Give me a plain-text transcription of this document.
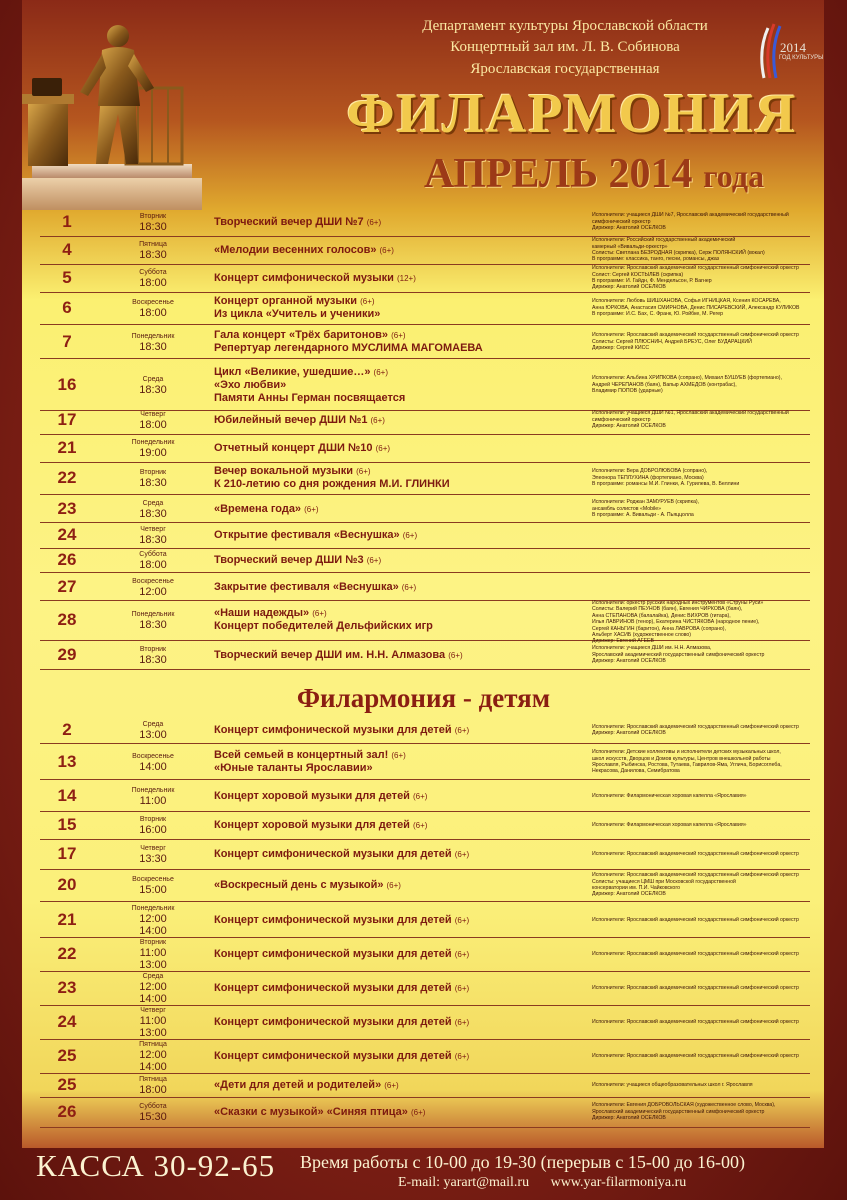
Департамент культуры Ярославской области
Концертный зал им. Л. В. Собинова
Ярославская государственная
2014
ГОД КУЛЬТУРЫ
ФИЛАРМОНИЯ
АПРЕЛЬ 2014 года
1	Вторник
18:30	Творческий вечер ДШИ №7 (6+)
Исполнители: учащиеся ДШИ №7, Ярославский академический государственный
симфонический оркестр
Дирижер: Анатолий ОСЕЛКОВ
4	Пятница
18:30	«Мелодии весенних голосов» (6+)
Исполнители: Российский государственный академический
камерный «Вивальди-оркестр»
Солисты: Светлана БЕЗРОДНАЯ (скрипка), Серж ПОЛЯНСКИЙ (вокал)
В программе: классика, танго, песни, романсы, джаз
5	Суббота
18:00	Концерт симфонической музыки (12+)
Исполнители: Ярославский академический государственный симфонический оркестр
Солист: Сергей КОСТЫЛЕВ (скрипка)
В программе: И. Гайдн, Ф. Мендельсон, Р. Вагнер
Дирижер: Анатолий ОСЕЛКОВ
6	Воскресенье
18:00
Концерт органной музыки (6+)
Из цикла «Учитель и ученики»
Исполнители: Любовь ШИШХАНОВА, Софья ИГНИЦКАЯ, Ксения КОСАРЕВА,
Анна ЮРКОВА, Анастасия СМИРНОВА, Денис ПИСАРЕВСКИЙ, Александр КУЛИКОВ
В программе: И.С. Бах, С. Франк, Ю. Ройбке, М. Регер
7	Понедельник
18:30
Гала концерт «Трёх баритонов» (6+)
Репертуар легендарного МУСЛИМА МАГОМАЕВА
Исполнители: Ярославский академический государственный симфонический оркестр
Солисты: Сергей ПЛЮСНИН, Андрей БРЕУС, Олег БУДАРАЦКИЙ
Дирижер: Сергей КИСС
16	Среда
18:30
Цикл «Великие, ушедшие…» (6+)
«Эхо любви»
Памяти Анны Герман посвящается
Исполнители: Альбина ХРИПКОВА (сопрано), Михаил БУШУЕВ (фортепиано),
Андрей ЧЕРЕПАНОВ (баян), Вапыр АХМЕДОВ (контрабас),
Владимир ПОПОВ (ударные)
17	Четверг
18:00	Юбилейный вечер ДШИ №1 (6+)
Исполнители: учащиеся ДШИ №1, Ярославский академический государственный
симфонический оркестр
Дирижер: Анатолий ОСЕЛКОВ
21	Понедельник
19:00	Отчетный концерт ДШИ №10 (6+)
22	Вторник
18:30
Вечер вокальной музыки (6+)
К 210-летию со дня рождения М.И. ГЛИНКИ
Исполнители: Вера ДОБРОЛЮБОВА (сопрано),
Элеонора ТЕПЛУХИНА (фортепиано, Москва)
В программе: романсы М.И. Глинки, А. Гурилева, В. Беллини
23	Среда
18:30	«Времена года» (6+)
Исполнители: Роджан ЗАМУРУЕВ (скрипка),
ансамбль солистов «Mobile»
В программе: А. Вивальди - А. Пьяццолла
24	Четверг
18:30	Открытие фестиваля «Веснушка» (6+)
26	Суббота
18:00	Творческий вечер ДШИ №3 (6+)
27	Воскресенье
12:00	Закрытие фестиваля «Веснушка» (6+)
28	Понедельник
18:30
«Наши надежды» (6+)
Концерт победителей Дельфийских игр
Исполнители: оркестр русских народных инструментов «Струны Руси»
Солисты: Валерий ПЕУНОВ (баян), Евгения ЧИРКОВА (баян),
Анна СТЕПАНОВА (балалайка), Денис ВИХРОВ (гитара),
Илья ЛАВРИНОВ (тенор), Екатерина ЧИСТЯКОВА (народное пение),
Сергей КАНЬГИН (баритон), Анна ЛАВРОВА (сопрано),
Альберт ХАСИБ (художественное слово)
Дирижер: Евгений АГЕЕВ
29	Вторник
18:30	Творческий вечер ДШИ им. Н.Н. Алмазова (6+)
Исполнители: учащиеся ДШИ им. Н.Н. Алмазова,
Ярославский академический государственный симфонический оркестр
Дирижер: Анатолий ОСЕЛКОВ
Филармония - детям
2	Среда
13:00	Концерт симфонической музыки для детей (6+)	Исполнители: Ярославский академический государственный симфонический оркестр
Дирижер: Анатолий ОСЕЛКОВ
13	Воскресенье
14:00
Всей семьей в концертный зал! (6+)
«Юные таланты Ярославии»
Исполнители: Детские коллективы и исполнители детских музыкальных школ,
школ искусств, Дворцов и Домов культуры, Центров внешкольной работы
Ярославля, Рыбинска, Ростова, Тутаева, Гаврилов-Яма, Углича, Борисоглебa,
Некрасова, Данилова, Семибратова
14	Понедельник
11:00	Концерт хоровой музыки для детей (6+)	Исполнители: Филармоническая хоровая капелла «Ярославия»
15	Вторник
16:00	Концерт хоровой музыки для детей (6+)	Исполнители: Филармоническая хоровая капелла «Ярославия»
17	Четверг
13:30	Концерт симфонической музыки для детей (6+)	Исполнители: Ярославский академический государственный симфонический оркестр
20	Воскресенье
15:00	«Воскресный день с музыкой» (6+)
Исполнители: Ярославский академический государственный симфонический оркестр
Солисты: учащиеся ЦМШ при Московской государственной
консерватории им. П.И. Чайковского
Дирижер: Анатолий ОСЕЛКОВ
21
Понедельник
12:00
14:00
Концерт симфонической музыки для детей (6+)	Исполнители: Ярославский академический государственный симфонический оркестр
22
Вторник
11:00
13:00
Концерт симфонической музыки для детей (6+)	Исполнители: Ярославский академический государственный симфонический оркестр
23
Среда
12:00
14:00
Концерт симфонической музыки для детей (6+)	Исполнители: Ярославский академический государственный симфонический оркестр
24
Четверг
11:00
13:00
Концерт симфонической музыки для детей (6+)	Исполнители: Ярославский академический государственный симфонический оркестр
25
Пятница
12:00
14:00
Концерт симфонической музыки для детей (6+)	Исполнители: Ярославский академический государственный симфонический оркестр
25	Пятница
18:00	«Дети для детей и родителей» (6+)	Исполнители: учащиеся общеобразовательных школ г. Ярославля
26	Суббота
15:30	«Сказки с музыкой» «Синяя птица» (6+)
Исполнители: Евгения ДОБРОВОЛЬСКАЯ (художественное слово, Москва),
Ярославский академический государственный симфонический оркестр
Дирижер: Анатолий ОСЕЛКОВ
КАССА 30-92-65 Время работы с 10-00 до 19-30 (перерыв с 15-00 до 16-00)
E-mail: yarart@mail.ru www.yar-filarmoniya.ru
